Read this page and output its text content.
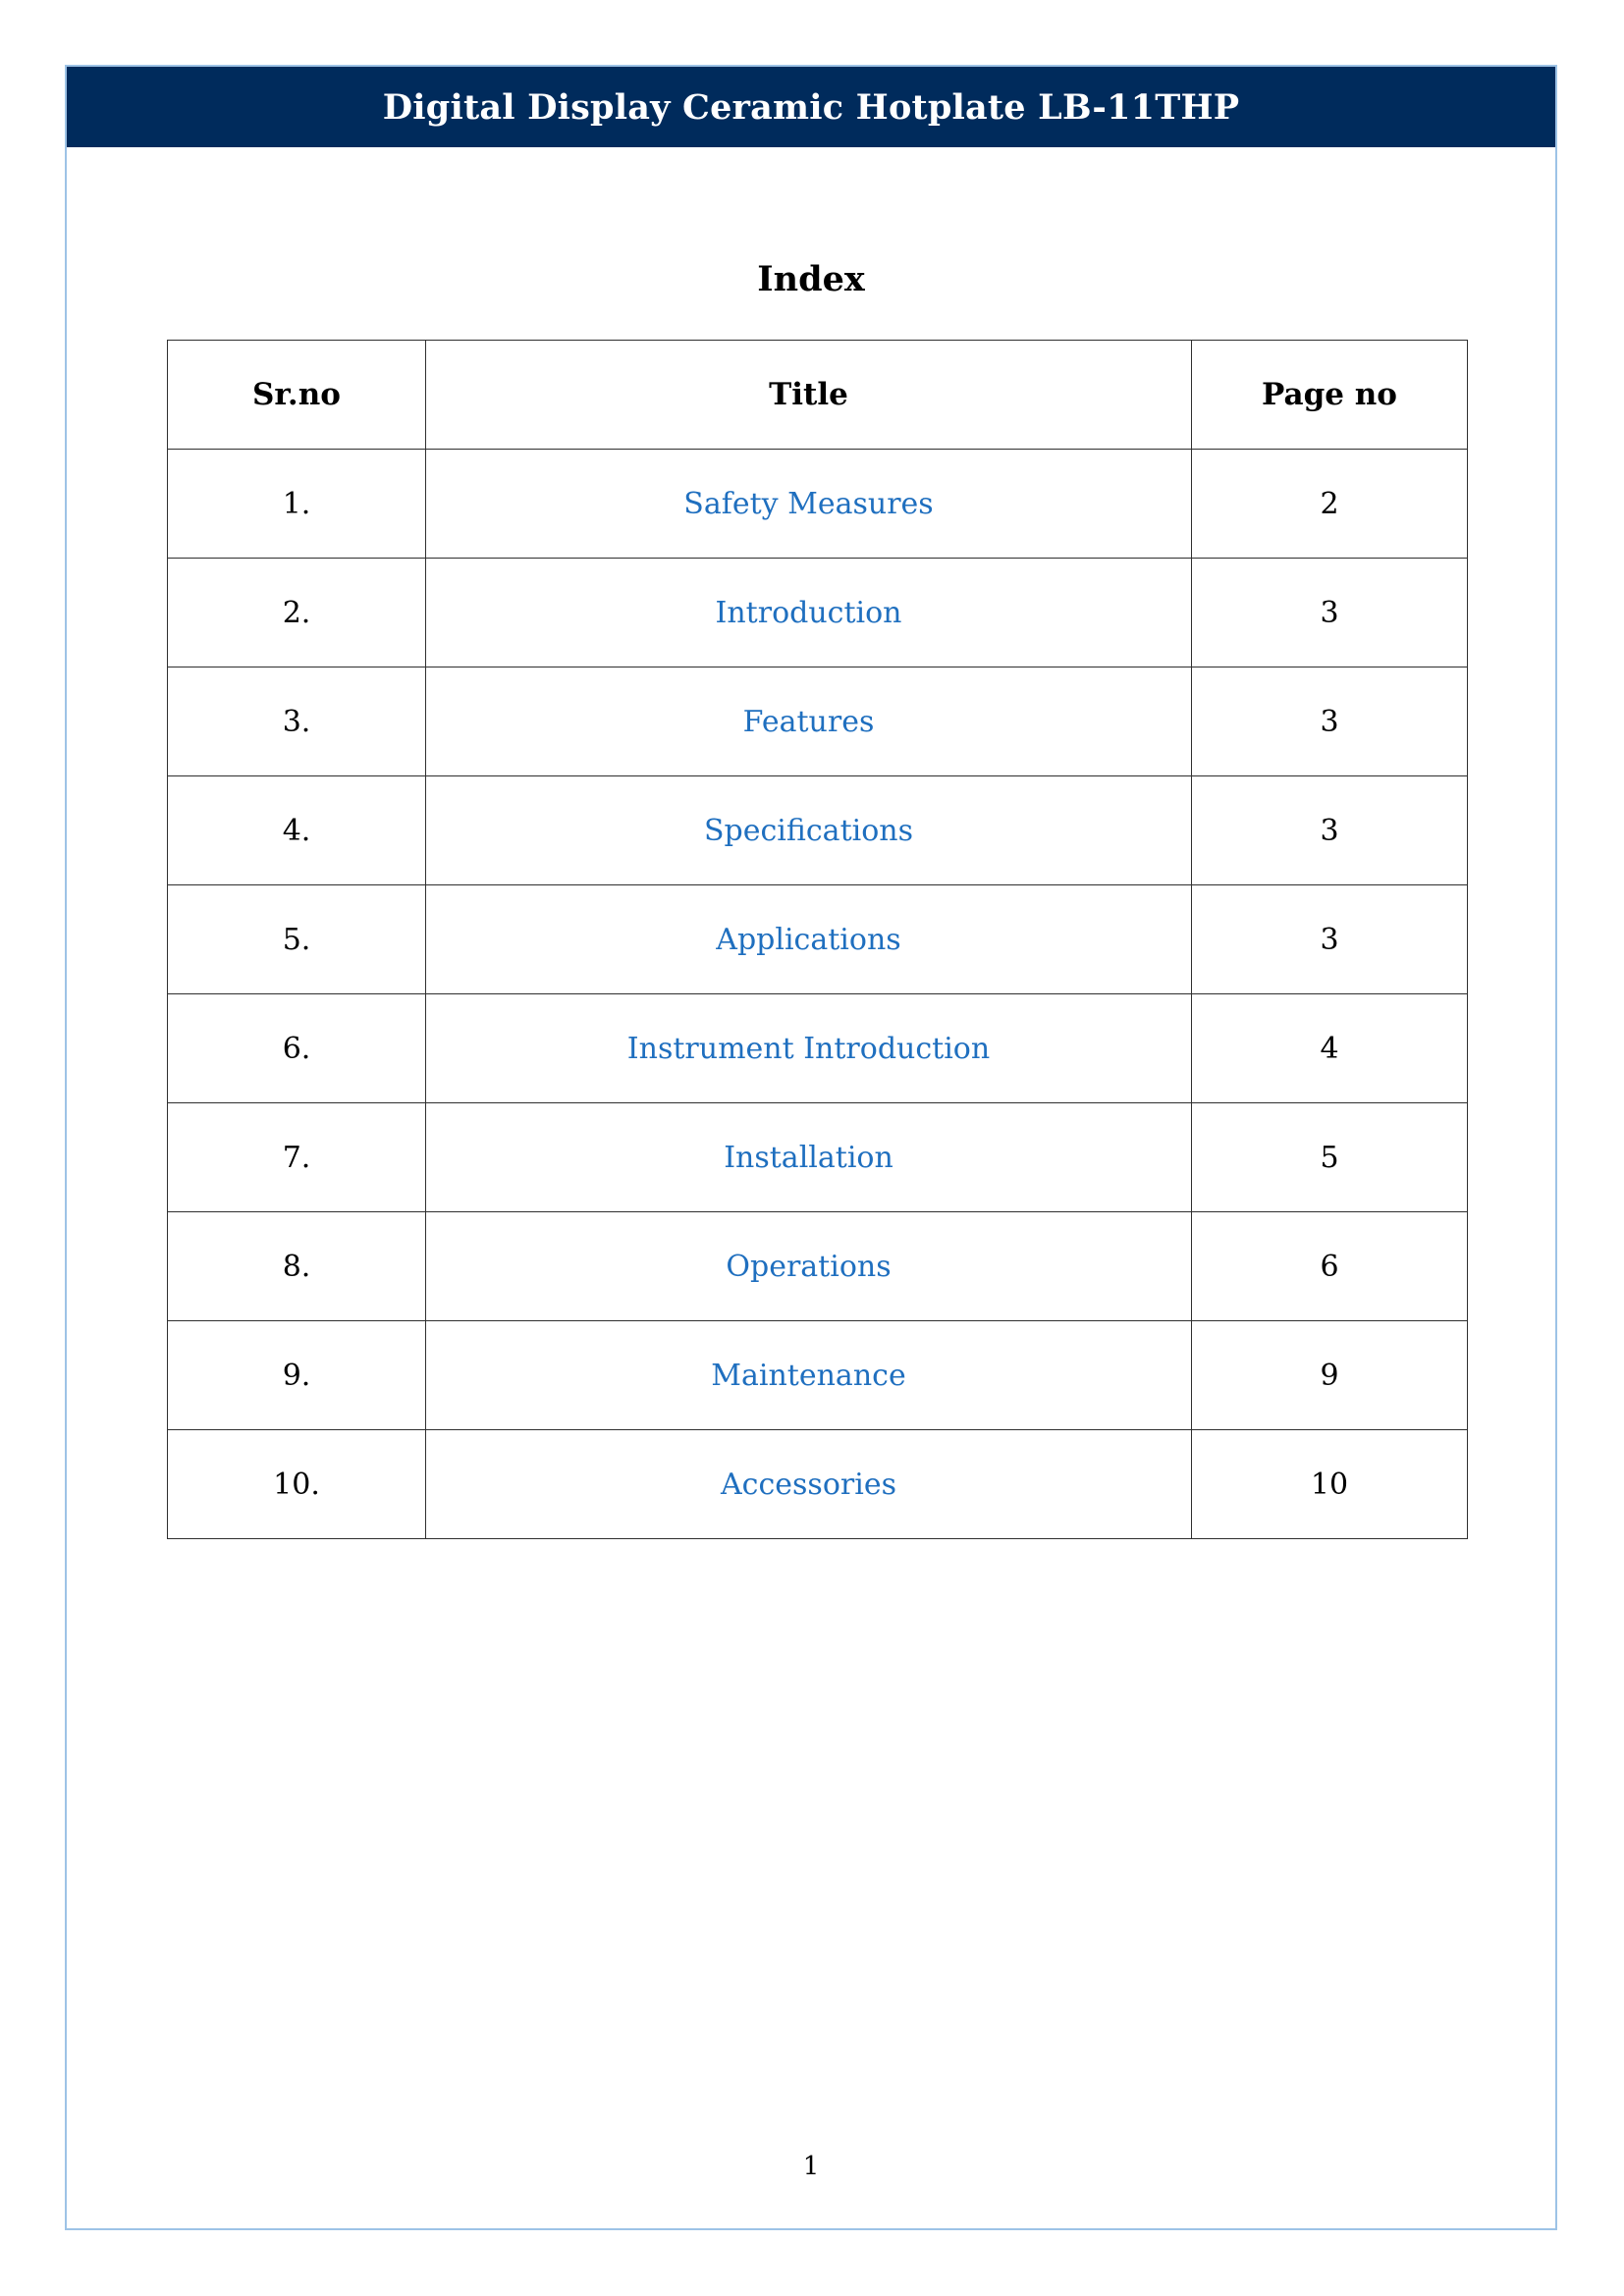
Digital Display Ceramic Hotplate LB-11THP
Index
Sr.no	Title	Page no
1.	Safety Measures	2
2.	Introduction	3
3.	Features	3
4.	Specifications	3
5.	Applications	3
6.	Instrument Introduction	4
7.	Installation	5
8.	Operations	6
9.	Maintenance	9
10.	Accessories	10
1
